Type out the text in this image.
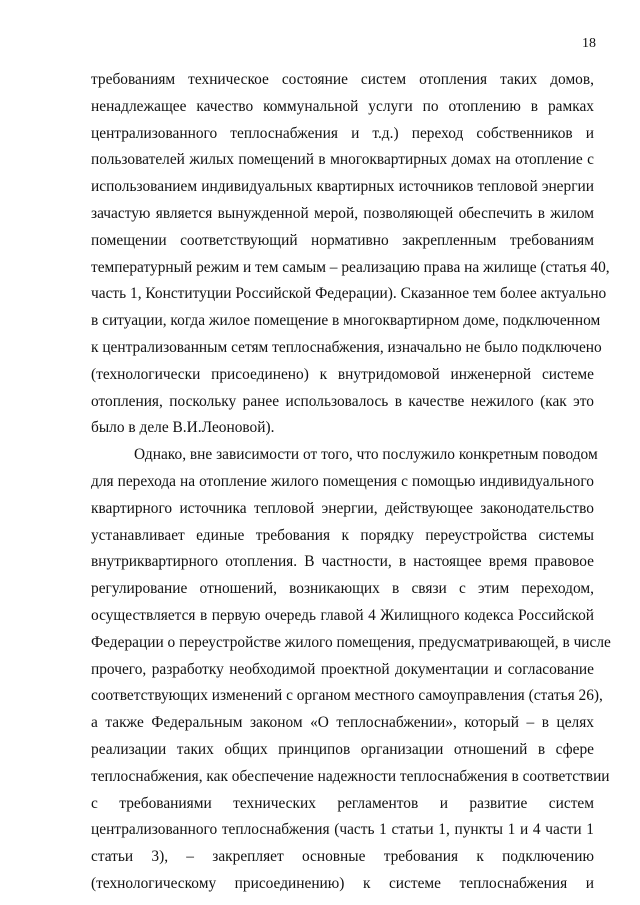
18
требованиям техническое состояние систем отопления таких домов,
ненадлежащее качество коммунальной услуги по отоплению в рамках
централизованного теплоснабжения и т.д.) переход собственников и
пользователей жилых помещений в многоквартирных домах на отопление с
использованием индивидуальных квартирных источников тепловой энергии
зачастую является вынужденной мерой, позволяющей обеспечить в жилом
помещении соответствующий нормативно закрепленным требованиям
температурный режим и тем самым – реализацию права на жилище (статья 40,
часть 1, Конституции Российской Федерации). Сказанное тем более актуально
в ситуации, когда жилое помещение в многоквартирном доме, подключенном
к централизованным сетям теплоснабжения, изначально не было подключено
(технологически присоединено) к внутридомовой инженерной системе
отопления, поскольку ранее использовалось в качестве нежилого (как это
было в деле В.И.Леоновой).
Однако, вне зависимости от того, что послужило конкретным поводом
для перехода на отопление жилого помещения с помощью индивидуального
квартирного источника тепловой энергии, действующее законодательство
устанавливает единые требования к порядку переустройства системы
внутриквартирного отопления. В частности, в настоящее время правовое
регулирование отношений, возникающих в связи с этим переходом,
осуществляется в первую очередь главой 4 Жилищного кодекса Российской
Федерации о переустройстве жилого помещения, предусматривающей, в числе
прочего, разработку необходимой проектной документации и согласование
соответствующих изменений с органом местного самоуправления (статья 26),
а также Федеральным законом «О теплоснабжении», который – в целях
реализации таких общих принципов организации отношений в сфере
теплоснабжения, как обеспечение надежности теплоснабжения в соответствии
с требованиями технических регламентов и развитие систем
централизованного теплоснабжения (часть 1 статьи 1, пункты 1 и 4 части 1
статьи 3), – закрепляет основные требования к подключению
(технологическому присоединению) к системе теплоснабжения и
